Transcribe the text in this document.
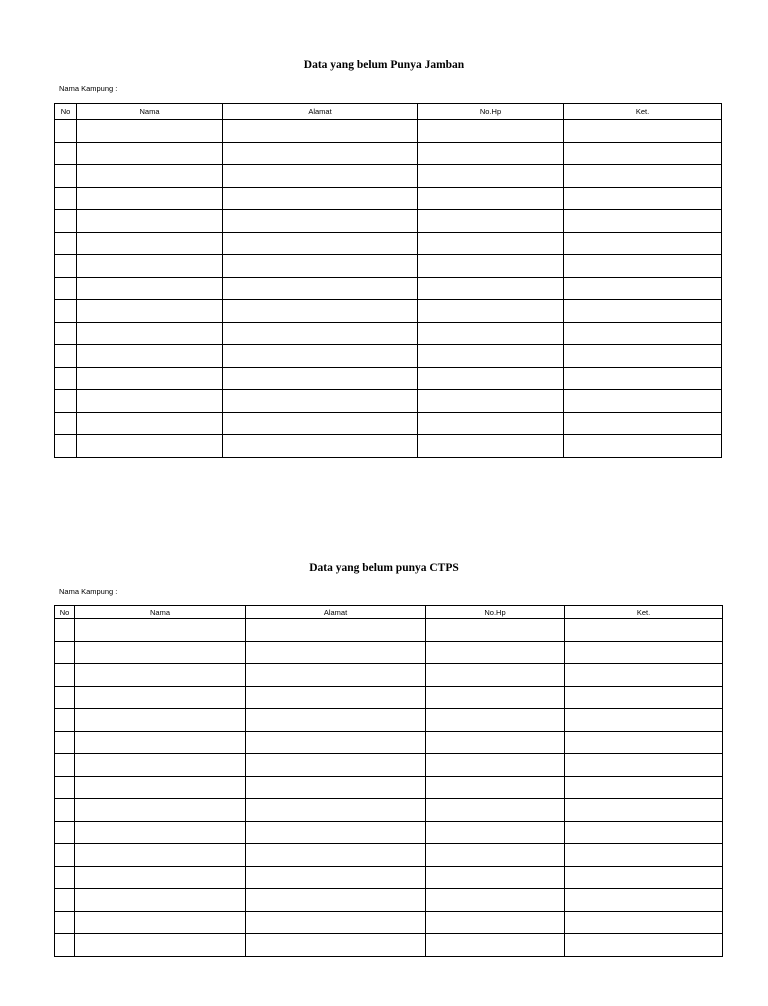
Data yang belum Punya Jamban
Nama Kampung :
No	Nama	Alamat	No.Hp	Ket.

Data yang belum punya CTPS
Nama Kampung :
No	Nama	Alamat	No.Hp	Ket.
